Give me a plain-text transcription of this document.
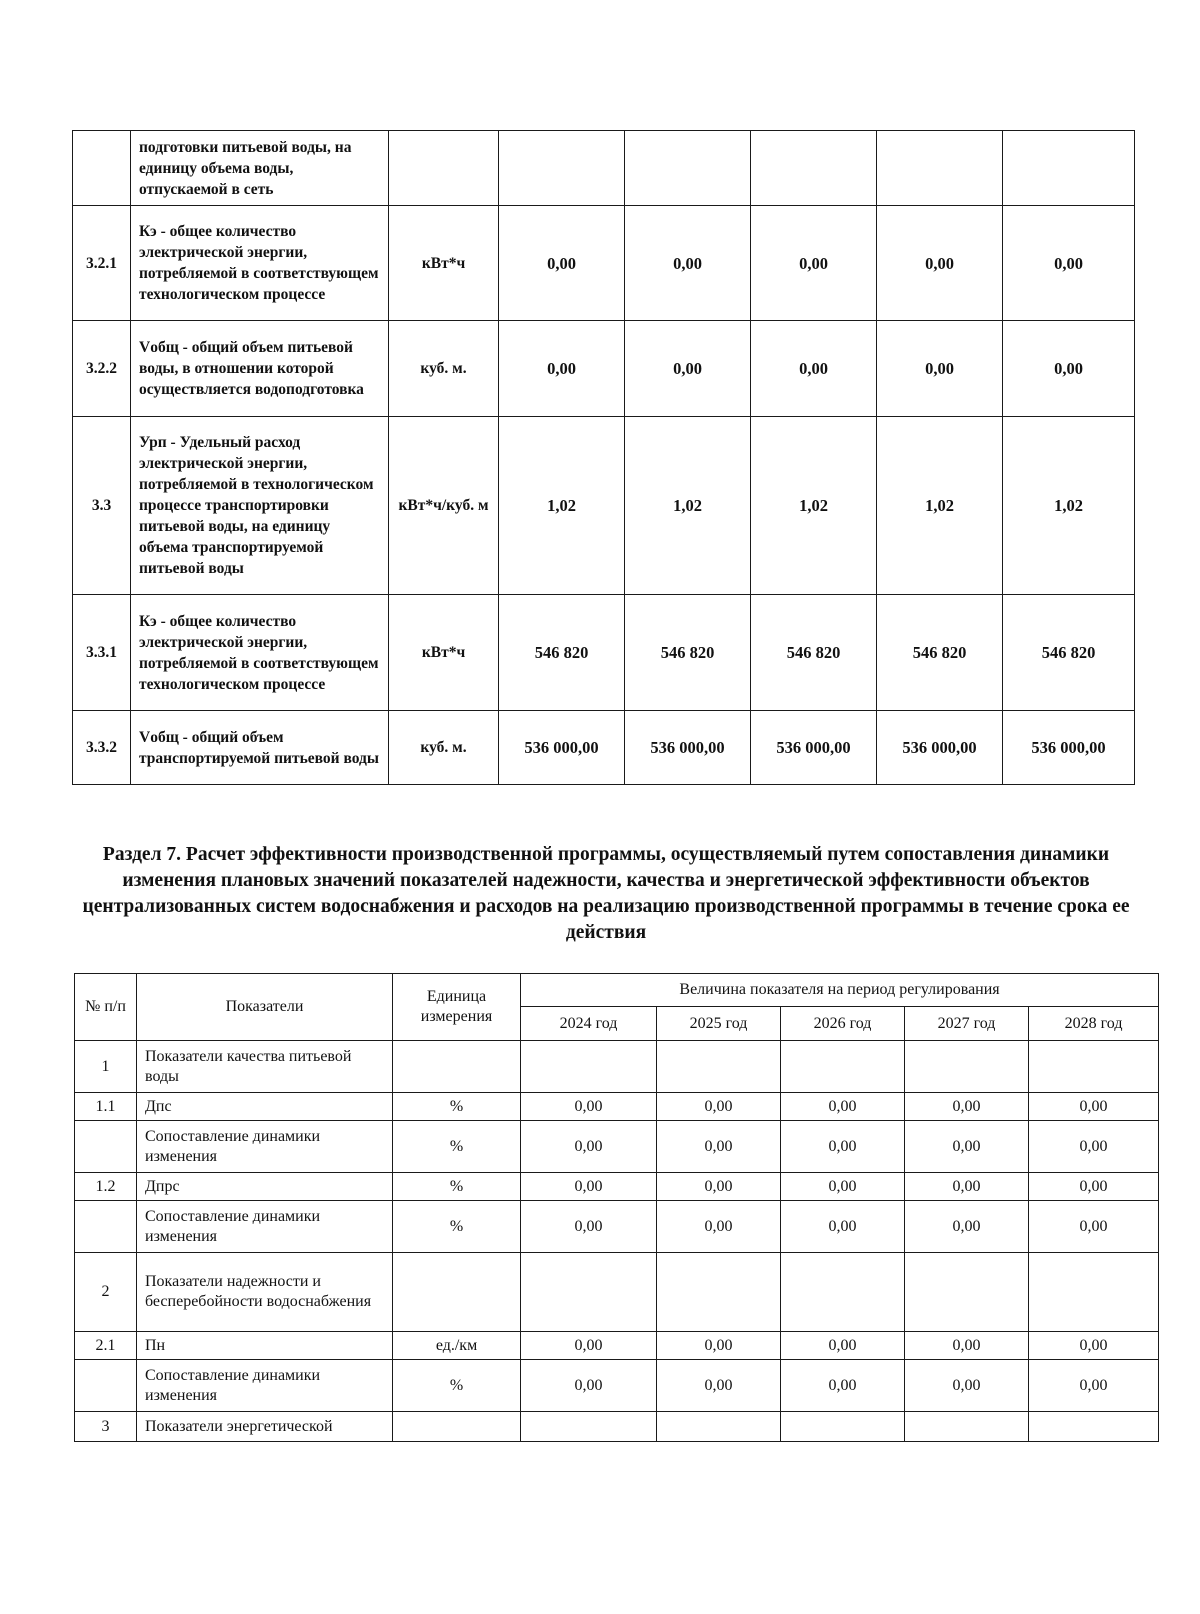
	подготовки питьевой воды, на единицу объема воды, отпускаемой в сеть						
3.2.1	Кэ - общее количество электрической энергии, потребляемой в соответствующем технологическом процессе	кВт*ч	0,00	0,00	0,00	0,00	0,00
3.2.2	Vобщ - общий объем питьевой воды, в отношении которой осуществляется водоподготовка	куб. м.	0,00	0,00	0,00	0,00	0,00
3.3	Урп - Удельный расход электрической энергии, потребляемой в технологическом процессе транспортировки питьевой воды, на единицу объема транспортируемой питьевой воды	кВт*ч/куб. м	1,02	1,02	1,02	1,02	1,02
3.3.1	Кэ - общее количество электрической энергии, потребляемой в соответствующем технологическом процессе	кВт*ч	546 820	546 820	546 820	546 820	546 820
3.3.2	Vобщ - общий объем транспортируемой питьевой воды	куб. м.	536 000,00	536 000,00	536 000,00	536 000,00	536 000,00
Раздел 7. Расчет эффективности производственной программы, осуществляемый путем сопоставления динамики изменения плановых значений показателей надежности, качества и энергетической эффективности объектов централизованных систем водоснабжения и расходов на реализацию производственной программы в течение срока ее действия
№ п/п	Показатели	Единица измерения	Величина показателя на период регулирования				
			2024 год	2025 год	2026 год	2027 год	2028 год
1	Показатели качества питьевой воды						
1.1	Дпс	%	0,00	0,00	0,00	0,00	0,00
	Сопоставление динамики изменения	%	0,00	0,00	0,00	0,00	0,00
1.2	Дпрс	%	0,00	0,00	0,00	0,00	0,00
	Сопоставление динамики изменения	%	0,00	0,00	0,00	0,00	0,00
2	Показатели надежности и бесперебойности водоснабжения						
2.1	Пн	ед./км	0,00	0,00	0,00	0,00	0,00
	Сопоставление динамики изменения	%	0,00	0,00	0,00	0,00	0,00
3	Показатели энергетической						
